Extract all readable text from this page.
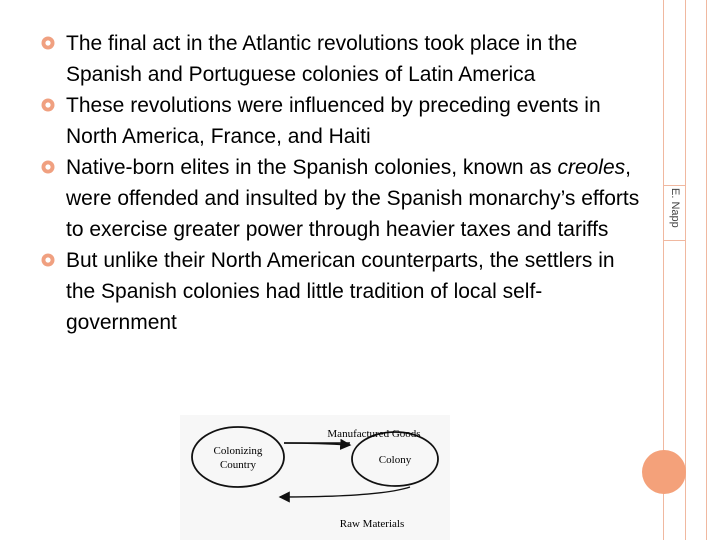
E. Napp
The final act in the Atlantic revolutions took place in the Spanish and Portuguese colonies of Latin America
These revolutions were influenced by preceding events in North America, France, and Haiti
Native-born elites in the Spanish colonies, known as creoles, were offended and insulted by the Spanish monarchy’s efforts to exercise greater power through heavier taxes and tariffs
But unlike their North American counterparts, the settlers in the Spanish colonies had little tradition of local self-government
Colonizing
Country	Colony
Manufactured Goods
Raw Materials
